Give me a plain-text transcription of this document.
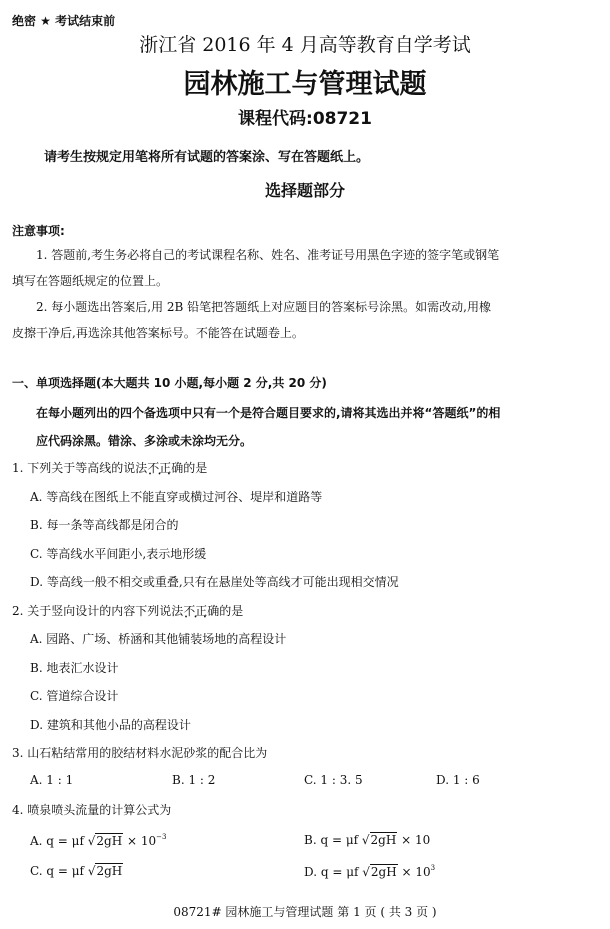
绝密 ★ 考试结束前
浙江省 2016 年 4 月高等教育自学考试
园林施工与管理试题
课程代码:08721
请考生按规定用笔将所有试题的答案涂、写在答题纸上。
选择题部分
注意事项:
1. 答题前,考生务必将自己的考试课程名称、姓名、准考证号用黑色字迹的签字笔或钢笔
填写在答题纸规定的位置上。
2. 每小题选出答案后,用 2B 铅笔把答题纸上对应题目的答案标号涂黑。如需改动,用橡
皮擦干净后,再选涂其他答案标号。不能答在试题卷上。
一、单项选择题(本大题共 10 小题,每小题 2 分,共 20 分)
在每小题列出的四个备选项中只有一个是符合题目要求的,请将其选出并将“答题纸”的相
应代码涂黑。错涂、多涂或未涂均无分。
1. 下列关于等高线的说法不正确 • • •的是
A. 等高线在图纸上不能直穿或横过河谷、堤岸和道路等
B. 每一条等高线都是闭合的
C. 等高线水平间距小,表示地形缓
D. 等高线一般不相交或重叠,只有在悬崖处等高线才可能出现相交情况
2. 关于竖向设计的内容下列说法不正确 • • •的是
A. 园路、广场、桥涵和其他铺装场地的高程设计
B. 地表汇水设计
C. 管道综合设计
D. 建筑和其他小品的高程设计
3. 山石粘结常用的胶结材料水泥砂浆的配合比为
A. 1 : 1	B. 1 : 2	C. 1 : 3. 5	D. 1 : 6
4. 喷泉喷头流量的计算公式为
A. q = μf $√2gH \times 10^{-3}$	B. q = μf √2gH × 10
C. q = μf √2gH	D. q = μf $√2gH \times 10^3$
08721# 园林施工与管理试题 第 1 页 ( 共 3 页 )
